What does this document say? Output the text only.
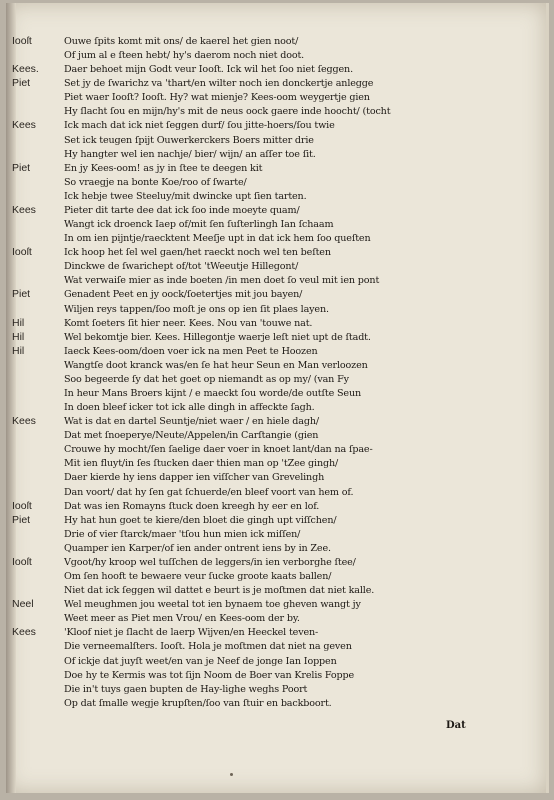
Iooſt	Ouwe ſpits komt mit ons/ de kaerel het gien noot/
Of jum al e ſteen hebt/ hy's daerom noch niet doot.
Kees.	Daer behoet mijn Godt veur Iooſt. Ick wil het ſoo niet ſeggen.
Piet	Set jy de ſwarichz va 'thart/en wilter noch ien donckertje anlegge
Piet waer Iooſt? Iooſt. Hy? wat mienje? Kees-oom weygertje gien
Hy ſlacht ſou en mijn/hy's mit de neus oock gaere inde hoocht/ (tocht
Kees	Ick mach dat ick niet ſeggen durf/ ſou jitte-hoers/ſou twie
Set ick teugen ſpijt Ouwerkerckers Boers mitter drie
Hy hangter wel ien nachje/ bier/ wijn/ an aſſer toe ſit.
Piet	En jy Kees-oom! as jy in ſtee te deegen kit
So vraegje na bonte Koe/roo of ſwarte/
Ick hebje twee Steeluy/mit dwincke upt ſien tarten.
Kees	Pieter dit tarte dee dat ick ſoo inde moeyte quam/
Wangt ick droenck Iaep of/mit ſen ſuſterlingh Ian ſchaam
In om ien pijntje/raecktent Meeſje upt in dat ick hem ſoo queſten
Iooſt	Ick hoop het ſel wel gaen/het raeckt noch wel ten beſten
Dinckwe de ſwarichept of/tot 'tWeeutje Hillegont/
Wat verwaiſe mier as inde boeten /in men doet ſo veul mit ien pont
Piet	Genadent Peet en jy oock/ſoetertjes mit jou bayen/
Wiljen reys tappen/ſoo moſt je ons op ien ſit plaes layen.
Hil	Komt ſoeters ſit hier neer. Kees. Nou van 'touwe nat.
Hil	Wel bekomtje bier. Kees. Hillegontje waerje leſt niet upt de ſtadt.
Hil	Iaeck Kees-oom/doen voer ick na men Peet te Hoozen
Wangtſe doot kranck was/en ſe hat heur Seun en Man verloozen
Soo begeerde ſy dat het goet op niemandt as op my/ (van Fy
In heur Mans Broers kijnt / e maeckt ſou worde/de outſte Seun
In doen bleef icker tot ick alle dingh in affeckte ſagh.
Kees	Wat is dat en dartel Seuntje/niet waer / en hiele dagh/
Dat met ſnoeperye/Neute/Appelen/in Carſtangie (gien
Crouwe hy mocht/ſen ſaelige daer voer in knoet lant/dan na ſpae-
Mit ien fluyt/in ſes ſtucken daer thien man op 'tZee gingh/
Daer kierde hy iens dapper ien viſſcher van Grevelingh
Dan voort/ dat hy ſen gat ſchuerde/en bleef voort van hem of.
Iooſt	Dat was ien Romayns ſtuck doen kreegh hy eer en lof.
Piet	Hy hat hun goet te kiere/den bloet die gingh upt viſſchen/
Drie of vier ſtarck/maer 'tſou hun mien ick miſſen/
Quamper ien Karper/of ien ander ontrent iens by in Zee.
Iooſt	Vgoot/hy kroop wel tuſſchen de leggers/in ien verborghe ſtee/
Om ſen hooft te bewaere veur ſucke groote kaats ballen/
Niet dat ick ſeggen wil dattet e beurt is je moſtmen dat niet kalle.
Neel	Wel meughmen jou weetal tot ien bynaem toe gheven wangt jy
Weet meer as Piet men Vrou/ en Kees-oom der by.
Kees	'Kloof niet je ſlacht de laerp Wijven/en Heeckel teven-
Die verneemalſters. Iooſt. Hola je moſtmen dat niet na geven
Of ickje dat juyſt weet/en van je Neef de jonge Ian Ioppen
Doe hy te Kermis was tot ſijn Noom de Boer van Krelis Foppe
Die in't tuys gaen bupten de Hay-lighe weghs Poort
Op dat ſmalle wegje krupſten/ſoo van ſtuir en backboort.
Dat
